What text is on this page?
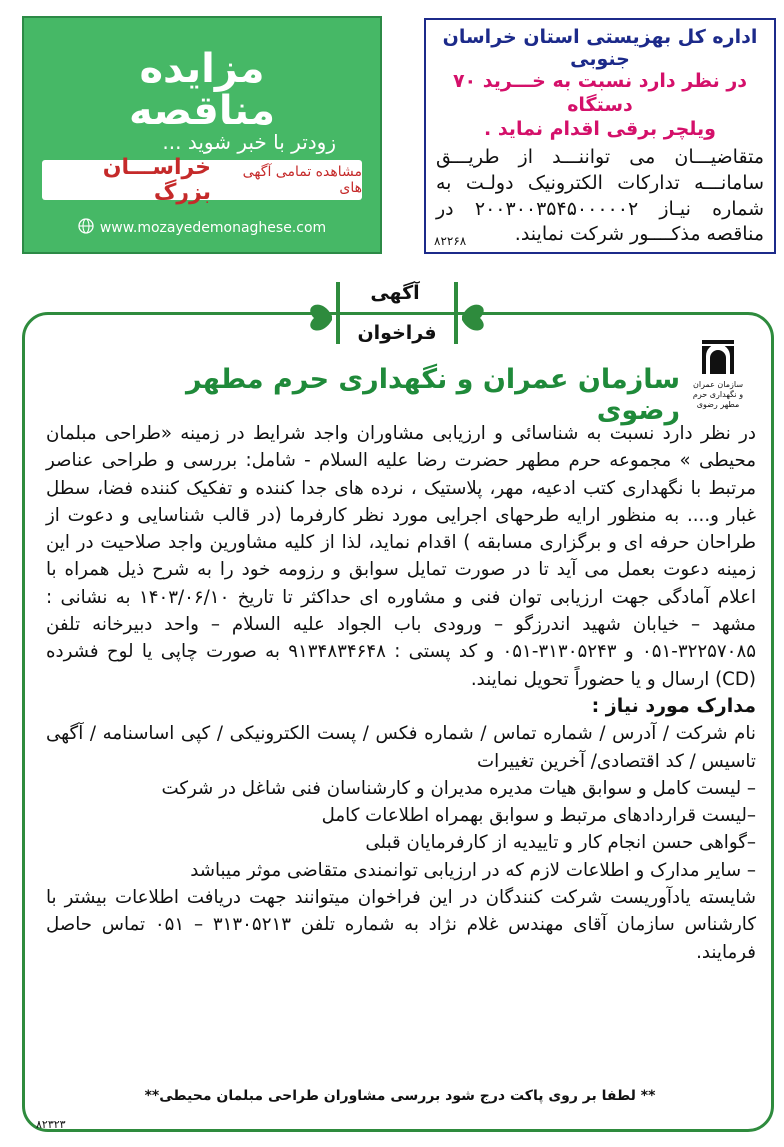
مزایده
مناقصه
زودتر با خبر شوید ...
مشاهده تمامی آگهی های
خراســـان بزرگ
www.mozayedemonaghese.com
اداره کل بهزیستی استان خراسان جنوبی
در نظر دارد نسبت به خـــرید ۷۰ دستگاه
ویلچر برقی اقدام نماید .
متقاضیـــان می تواننـــد از طریـــق سامانـــه تدارکات الکترونیک دولـت به شماره نیـاز ۲۰۰۳۰۰۳۵۴۵۰۰۰۰۰۲ در مناقصه مذکــــور شرکت نمایند.
۸۲۲۶۸
آگهی
فراخوان
سازمان عمران و نگهداری حرم مطهر رضوی
سازمان عمران و نگهداری حرم مطهر رضوی

در نظر دارد نسبت به شناسائی و ارزیابی مشاوران واجد شرایط در زمینه «طراحی مبلمان محیطی » مجموعه حرم مطهر حضرت رضا علیه السلام - شامل: بررسی و طراحی عناصر مرتبط با نگهداری کتب ادعیه، مهر، پلاستیک ، نرده های جدا کننده و تفکیک کننده فضا، سطل غبار و.... به منظور ارایه طرحهای اجرایی مورد نظر کارفرما (در قالب شناسایی و دعوت از طراحان حرفه ای و برگزاری مسابقه ) اقدام نماید، لذا از کلیه مشاورین واجد صلاحیت در این زمینه دعوت بعمل می آید تا در صورت تمایل سوابق و رزومه خود را به شرح ذیل همراه با اعلام آمادگی جهت ارزیابی توان فنی و مشاوره ای حداکثر تا تاریخ ۱۴۰۳/۰۶/۱۰ به نشانی : مشهد – خیابان شهید اندرزگو – ورودی باب الجواد علیه السلام – واحد دبیرخانه تلفن ۳۲۲۵۷۰۸۵-۰۵۱ و ۳۱۳۰۵۲۴۳-۰۵۱ و کد پستی : ۹۱۳۴۸۳۴۶۴۸ به صورت چاپی یا لوح فشرده (CD) ارسال و یا حضوراً تحویل نمایند.

مدارک مورد نیاز :

نام شرکت / آدرس / شماره تماس / شماره فکس / پست الکترونیکی / کپی اساسنامه / آگهی تاسیس / کد اقتصادی/ آخرین تغییرات

– لیست کامل و سوابق هیات مدیره مدیران و کارشناسان فنی شاغل در شرکت

–لیست قراردادهای مرتبط و سوابق بهمراه اطلاعات کامل

–گواهی حسن انجام کار و تاییدیه از کارفرمایان قبلی

– سایر مدارک و اطلاعات لازم که در ارزیابی توانمندی متقاضی موثر میباشد

شایسته یادآوریست شرکت کنندگان در این فراخوان میتوانند جهت دریافت اطلاعات بیشتر با کارشناس سازمان آقای مهندس غلام نژاد به شماره تلفن ۳۱۳۰۵۲۱۳ – ۰۵۱ تماس حاصل فرمایند.

** لطفا بر روی پاکت درج شود بررسی مشاوران طراحی مبلمان محیطی**
۸۲۳۲۳
